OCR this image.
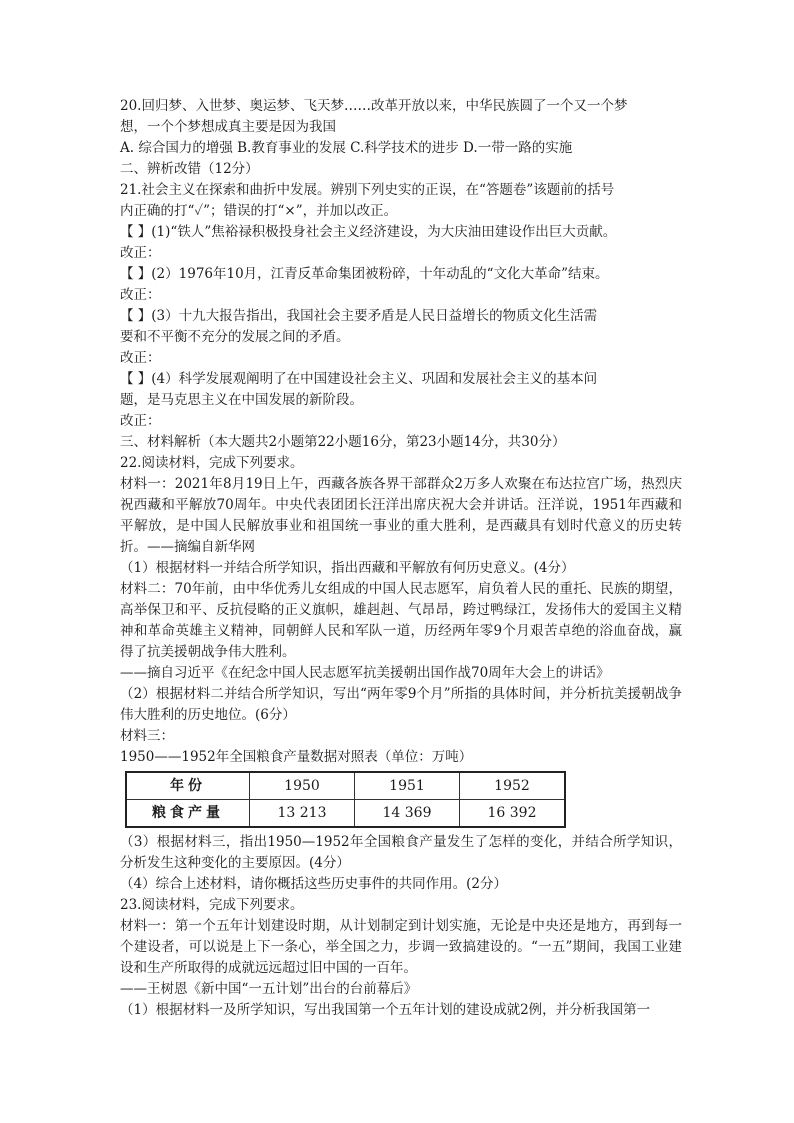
20.回归梦、入世梦、奥运梦、飞天梦……改革开放以来，中华民族圆了一个又一个梦

想，一个个梦想成真主要是因为我国

A. 综合国力的增强 B.教育事业的发展 C.科学技术的进步 D.一带一路的实施

二、辨析改错（12分）

21.社会主义在探索和曲折中发展。辨别下列史实的正误，在“答题卷”该题前的括号

内正确的打“✓”；错误的打“×”，并加以改正。

【 】(1)“铁人”焦裕禄积极投身社会主义经济建设，为大庆油田建设作出巨大贡献。

改正：

【 】(2）1976年10月，江青反革命集团被粉碎，十年动乱的“文化大革命”结束。

改正：

【 】(3）十九大报告指出，我国社会主要矛盾是人民日益增长的物质文化生活需

要和不平衡不充分的发展之间的矛盾。

改正：

【 】(4）科学发展观阐明了在中国建设社会主义、巩固和发展社会主义的基本问

题，是马克思主义在中国发展的新阶段。

改正：

三、材料解析（本大题共2小题第22小题16分，第23小题14分，共30分）

22.阅读材料，完成下列要求。

材料一：2021年8月19日上午，西藏各族各界干部群众2万多人欢聚在布达拉宫广场，热烈庆祝西藏和平解放70周年。中央代表团团长汪洋出席庆祝大会并讲话。汪洋说，1951年西藏和平解放，是中国人民解放事业和祖国统一事业的重大胜利，是西藏具有划时代意义的历史转折。——摘编自新华网

（1）根据材料一并结合所学知识，指出西藏和平解放有何历史意义。(4分）

材料二：70年前，由中华优秀儿女组成的中国人民志愿军，肩负着人民的重托、民族的期望，高举保卫和平、反抗侵略的正义旗帜，雄赳赳、气昂昂，跨过鸭绿江，发扬伟大的爱国主义精神和革命英雄主义精神，同朝鲜人民和军队一道，历经两年零9个月艰苦卓绝的浴血奋战，赢得了抗美援朝战争伟大胜利。

——摘自习近平《在纪念中国人民志愿军抗美援朝出国作战70周年大会上的讲话》

（2）根据材料二并结合所学知识，写出“两年零9个月”所指的具体时间，并分析抗美援朝战争伟大胜利的历史地位。(6分）

材料三：

1950——1952年全国粮食产量数据对照表（单位：万吨）

年份	1950	1951	1952
粮食产量	13 213	14 369	16 392

（3）根据材料三，指出1950—1952年全国粮食产量发生了怎样的变化，并结合所学知识，分析发生这种变化的主要原因。(4分）

（4）综合上述材料，请你概括这些历史事件的共同作用。(2分）

23.阅读材料，完成下列要求。

材料一：第一个五年计划建设时期，从计划制定到计划实施，无论是中央还是地方，再到每一个建设者，可以说是上下一条心，举全国之力，步调一致搞建设的。“一五”期间，我国工业建设和生产所取得的成就远远超过旧中国的一百年。

——王树恩《新中国“一五计划”出台的台前幕后》

（1）根据材料一及所学知识，写出我国第一个五年计划的建设成就2例，并分析我国第一
